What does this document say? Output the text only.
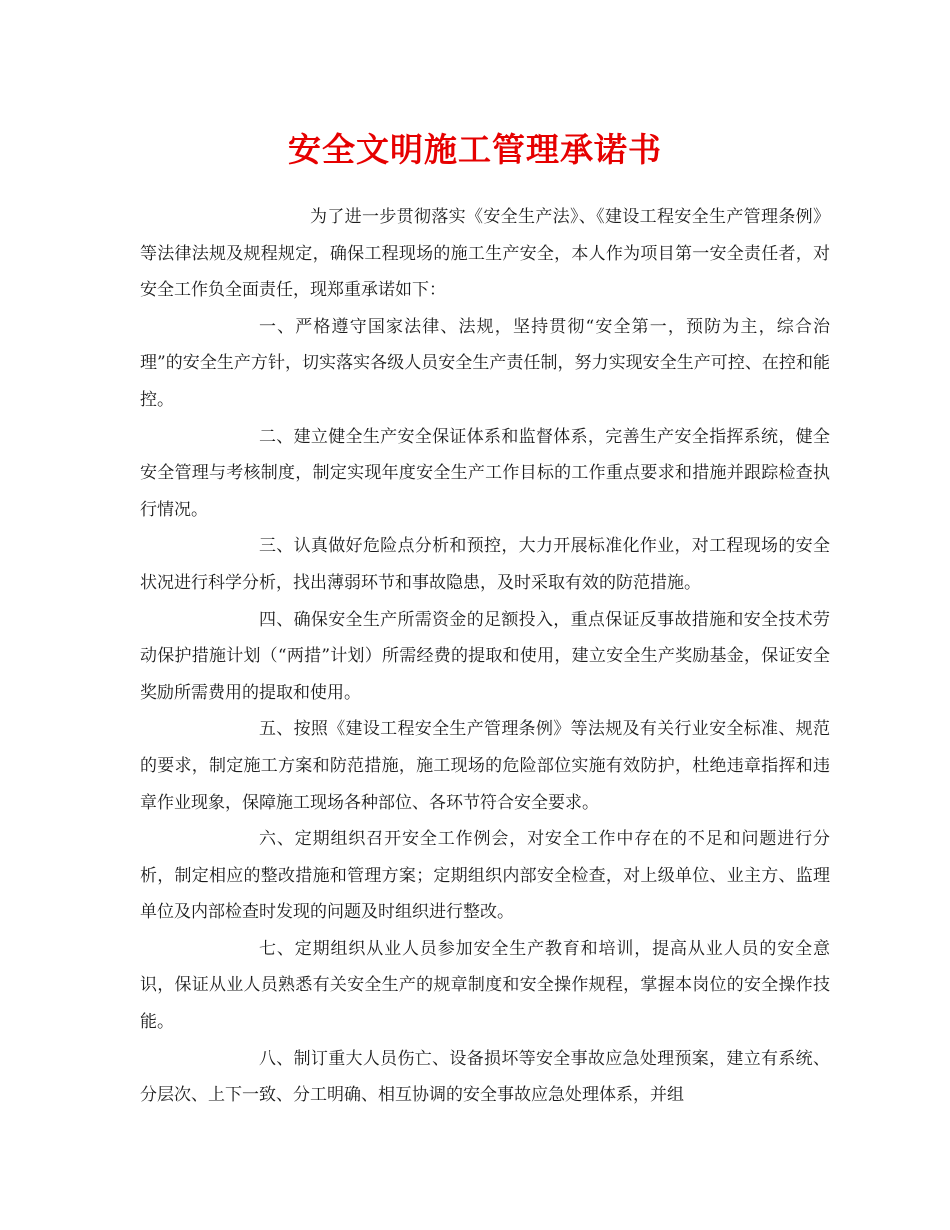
安全文明施工管理承诺书

为了进一步贯彻落实《安全生产法》、《建设工程安全生产管理条例》等法律法规及规程规定，确保工程现场的施工生产安全，本人作为项目第一安全责任者，对安全工作负全面责任，现郑重承诺如下：

一、严格遵守国家法律、法规，坚持贯彻“安全第一，预防为主，综合治理”的安全生产方针，切实落实各级人员安全生产责任制，努力实现安全生产可控、在控和能控。

二、建立健全生产安全保证体系和监督体系，完善生产安全指挥系统，健全安全管理与考核制度，制定实现年度安全生产工作目标的工作重点要求和措施并跟踪检查执行情况。

三、认真做好危险点分析和预控，大力开展标准化作业，对工程现场的安全状况进行科学分析，找出薄弱环节和事故隐患，及时采取有效的防范措施。

四、确保安全生产所需资金的足额投入，重点保证反事故措施和安全技术劳动保护措施计划（“两措”计划）所需经费的提取和使用，建立安全生产奖励基金，保证安全奖励所需费用的提取和使用。

五、按照《建设工程安全生产管理条例》等法规及有关行业安全标准、规范的要求，制定施工方案和防范措施，施工现场的危险部位实施有效防护，杜绝违章指挥和违章作业现象，保障施工现场各种部位、各环节符合安全要求。

六、定期组织召开安全工作例会，对安全工作中存在的不足和问题进行分析，制定相应的整改措施和管理方案；定期组织内部安全检查，对上级单位、业主方、监理单位及内部检查时发现的问题及时组织进行整改。

七、定期组织从业人员参加安全生产教育和培训，提高从业人员的安全意识，保证从业人员熟悉有关安全生产的规章制度和安全操作规程，掌握本岗位的安全操作技能。

八、制订重大人员伤亡、设备损坏等安全事故应急处理预案，建立有系统、分层次、上下一致、分工明确、相互协调的安全事故应急处理体系，并组
